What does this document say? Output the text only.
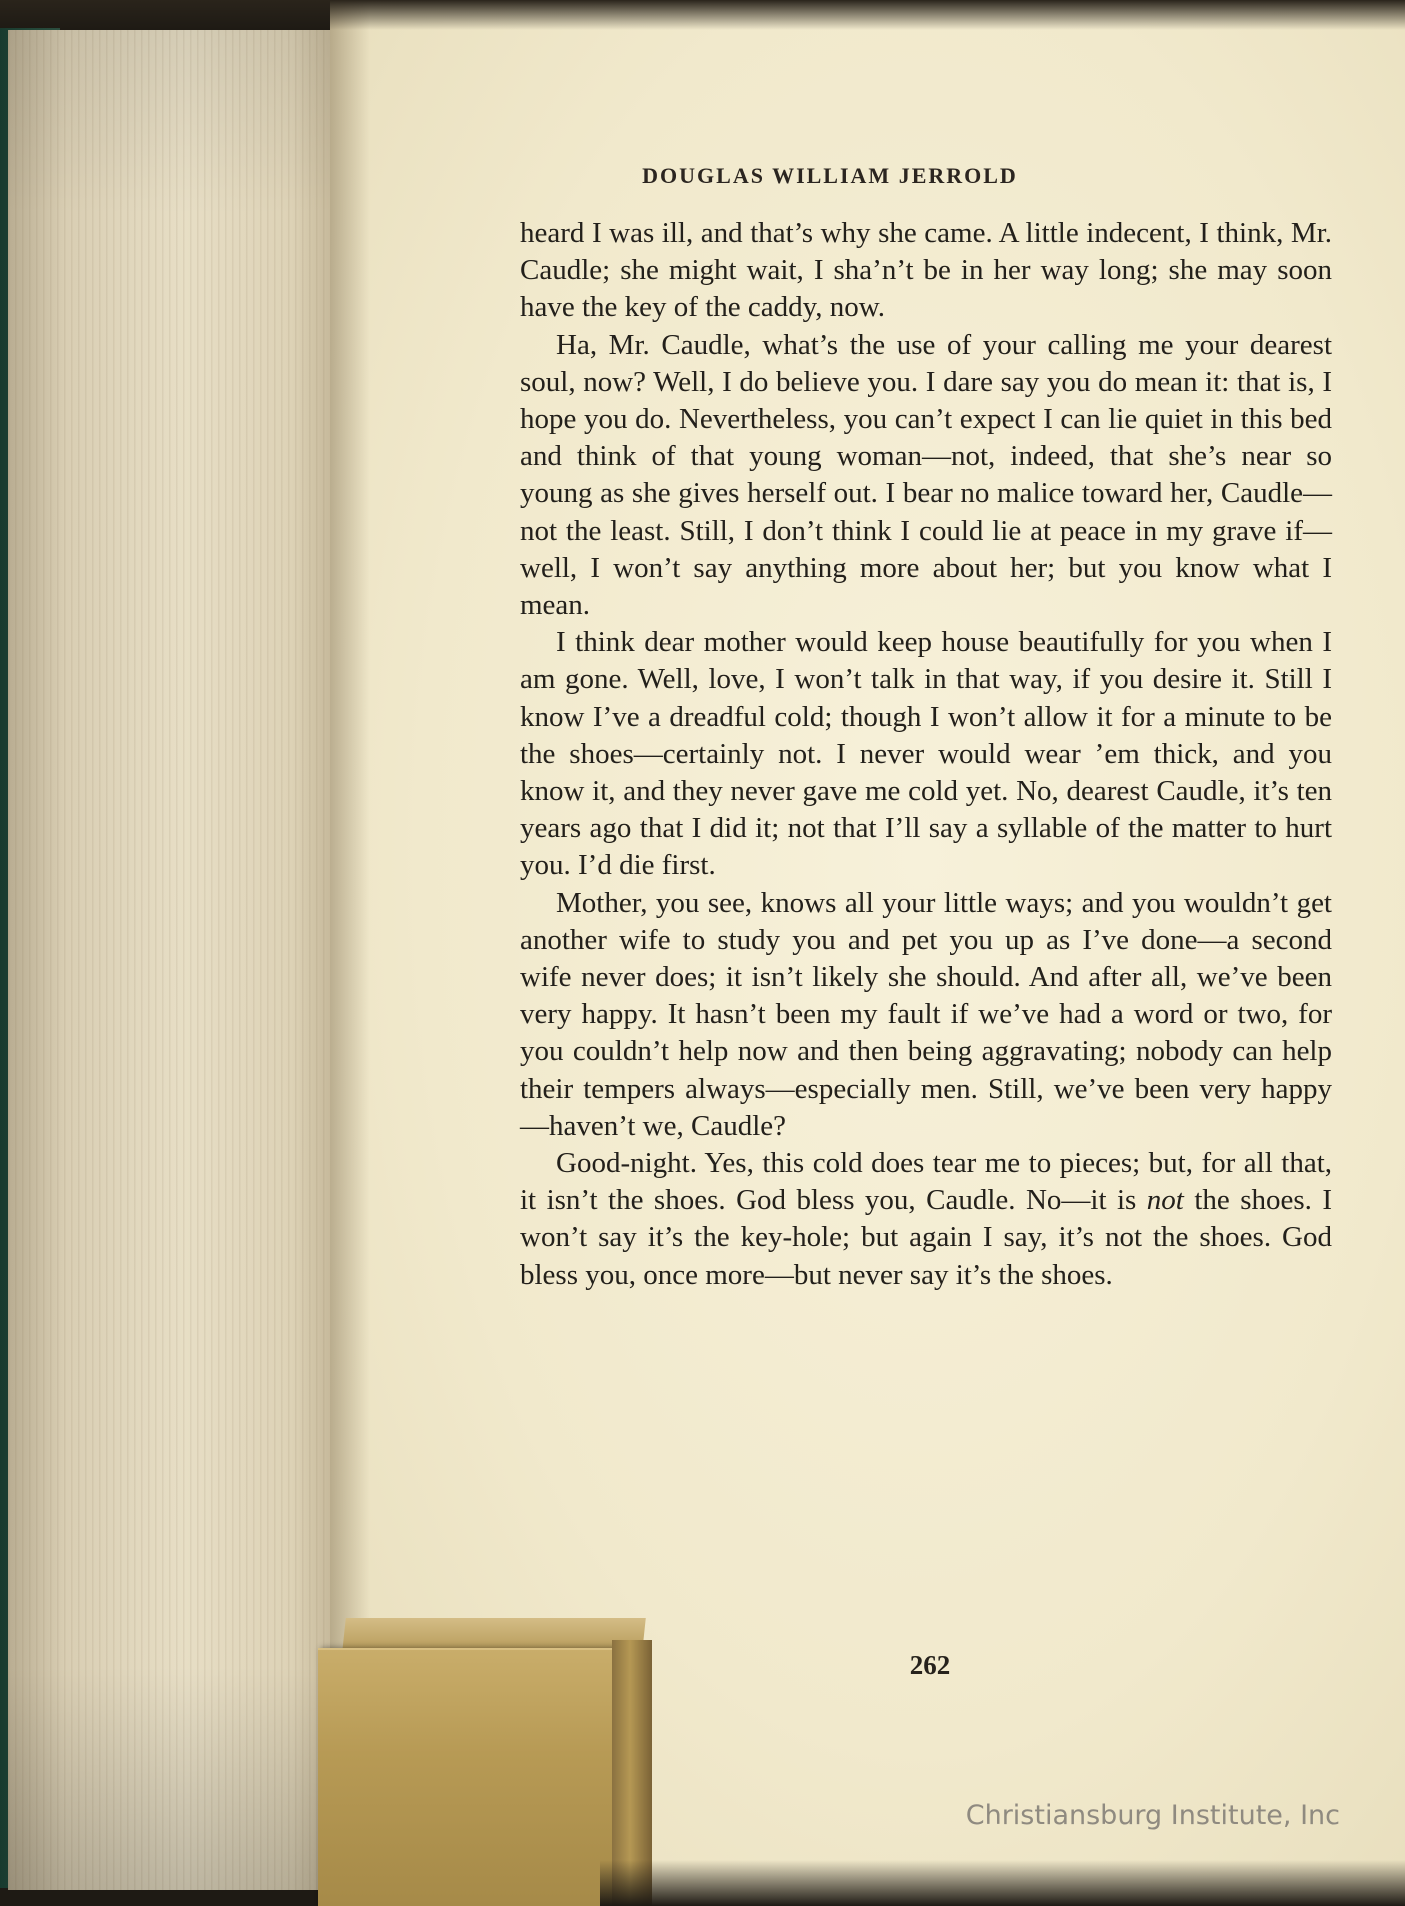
DOUGLAS WILLIAM JERROLD

heard I was ill, and that’s why she came. A little indecent, I think, Mr. Caudle; she might wait, I sha’n’t be in her way long; she may soon have the key of the caddy, now.

Ha, Mr. Caudle, what’s the use of your calling me your dearest soul, now? Well, I do believe you. I dare say you do mean it: that is, I hope you do. Nevertheless, you can’t expect I can lie quiet in this bed and think of that young woman—not, indeed, that she’s near so young as she gives herself out. I bear no malice toward her, Caudle—not the least. Still, I don’t think I could lie at peace in my grave if—well, I won’t say anything more about her; but you know what I mean.

I think dear mother would keep house beautifully for you when I am gone. Well, love, I won’t talk in that way, if you desire it. Still I know I’ve a dreadful cold; though I won’t allow it for a minute to be the shoes—certainly not. I never would wear ’em thick, and you know it, and they never gave me cold yet. No, dearest Caudle, it’s ten years ago that I did it; not that I’ll say a syllable of the matter to hurt you. I’d die first.

Mother, you see, knows all your little ways; and you wouldn’t get another wife to study you and pet you up as I’ve done—a second wife never does; it isn’t likely she should. And after all, we’ve been very happy. It hasn’t been my fault if we’ve had a word or two, for you couldn’t help now and then being aggravating; nobody can help their tempers always—especially men. Still, we’ve been very happy—haven’t we, Caudle?

Good-night. Yes, this cold does tear me to pieces; but, for all that, it isn’t the shoes. God bless you, Caudle. No—it is not the shoes. I won’t say it’s the key-hole; but again I say, it’s not the shoes. God bless you, once more—but never say it’s the shoes.

262

Christiansburg Institute, Inc
